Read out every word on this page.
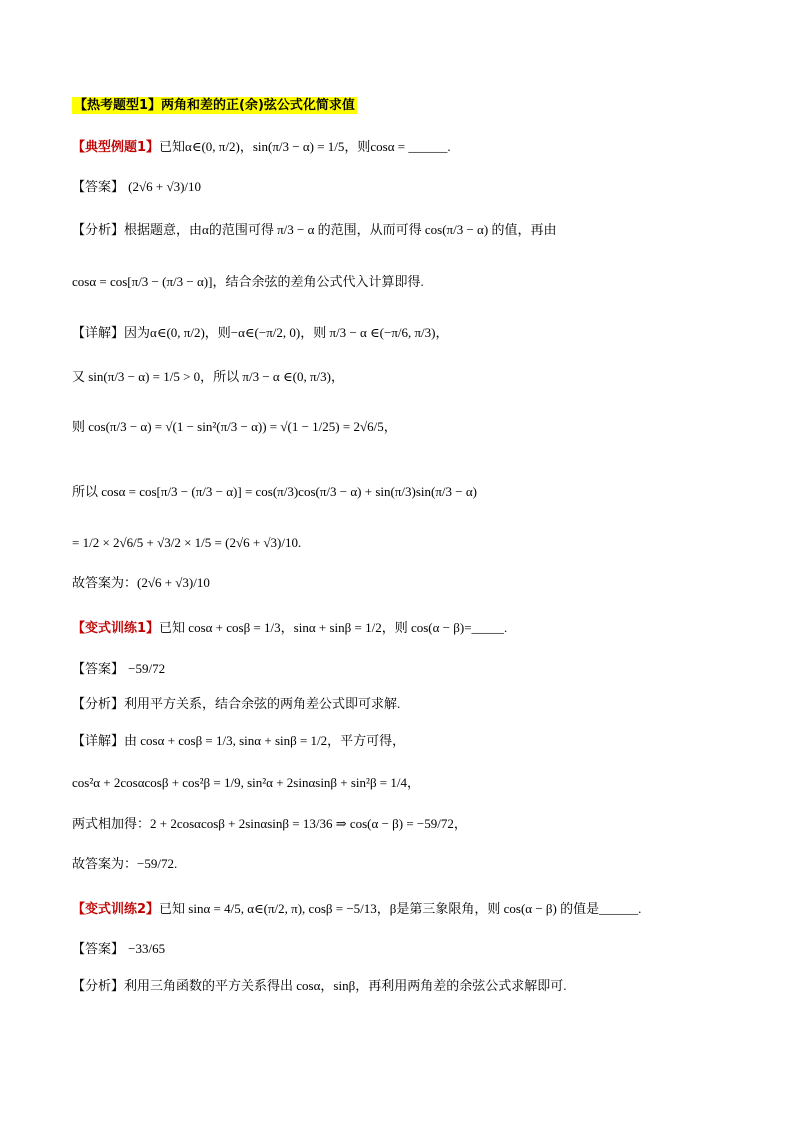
【热考题型1】两角和差的正(余)弦公式化简求值
【典型例题1】已知α∈(0, π/2)，sin(π/3 − α) = 1/5，则cosα = ______.
【答案】 (2√6 + √3)/10
【分析】根据题意，由α的范围可得 π/3 − α 的范围，从而可得 cos(π/3 − α) 的值，再由
cosα = cos[π/3 − (π/3 − α)]，结合余弦的差角公式代入计算即得.
【详解】因为α∈(0, π/2)，则−α∈(−π/2, 0)，则 π/3 − α ∈(−π/6, π/3)，
又 sin(π/3 − α) = 1/5 > 0，所以 π/3 − α ∈(0, π/3)，
则 cos(π/3 − α) = √(1 − sin²(π/3 − α)) = √(1 − 1/25) = 2√6/5，
所以 cosα = cos[π/3 − (π/3 − α)] = cos(π/3)cos(π/3 − α) + sin(π/3)sin(π/3 − α)
= 1/2 × 2√6/5 + √3/2 × 1/5 = (2√6 + √3)/10.
故答案为：(2√6 + √3)/10
【变式训练1】已知 cosα + cosβ = 1/3，sinα + sinβ = 1/2，则 cos(α − β)=_____.
【答案】 −59/72
【分析】利用平方关系，结合余弦的两角差公式即可求解.
【详解】由 cosα + cosβ = 1/3, sinα + sinβ = 1/2，平方可得，
cos²α + 2cosαcosβ + cos²β = 1/9, sin²α + 2sinαsinβ + sin²β = 1/4，
两式相加得：2 + 2cosαcosβ + 2sinαsinβ = 13/36 ⇒ cos(α − β) = −59/72，
故答案为：−59/72.
【变式训练2】已知 sinα = 4/5, α∈(π/2, π), cosβ = −5/13，β是第三象限角，则 cos(α − β) 的值是______.
【答案】 −33/65
【分析】利用三角函数的平方关系得出 cosα，sinβ，再利用两角差的余弦公式求解即可.
